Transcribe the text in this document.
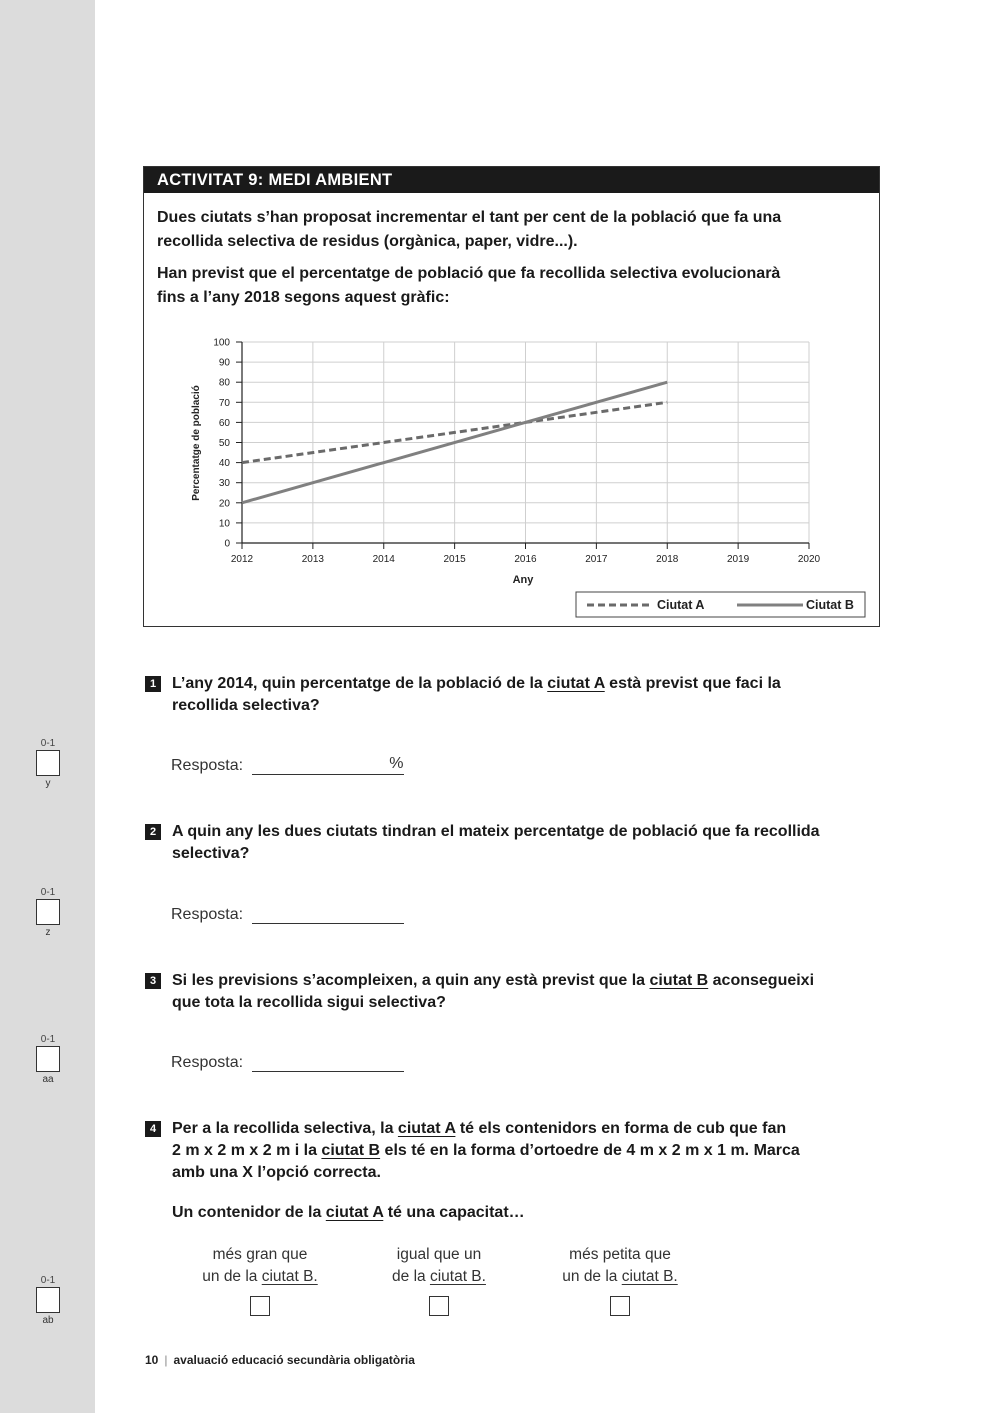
0-1
y
0-1
z
0-1
aa
0-1
ab
ACTIVITAT 9: MEDI AMBIENT

Dues ciutats s’han proposat incrementar el tant per cent de la població que fa una

recollida selectiva de residus (orgànica, paper, vidre...).

Han previst que el percentatge de població que fa recollida selectiva evolucionarà

fins a l’any 2018 segons aquest gràfic:

0
10
20
30
40
50
60
70
80
90
100
2012	2013	2014	2015	2016	2017	2018	2019	2020
Percentatge de població
Any
Ciutat A	Ciutat B
1 L’any 2014, quin percentatge de la població de la ciutat A està previst que faci la
recollida selectiva?
Resposta:	%
2 A quin any les dues ciutats tindran el mateix percentatge de població que fa recollida
selectiva?
Resposta:
3 Si les previsions s’acompleixen, a quin any està previst que la ciutat B aconsegueixi
que tota la recollida sigui selectiva?
Resposta:
4 Per a la recollida selectiva, la ciutat A té els contenidors en forma de cub que fan
2 m x 2 m x 2 m i la ciutat B els té en la forma d’ortoedre de 4 m x 2 m x 1 m. Marca
amb una X l’opció correcta.
Un contenidor de la ciutat A té una capacitat…
més gran que
un de la ciutat B.
igual que un
de la ciutat B.
més petita que
un de la ciutat B.
10 | avaluació educació secundària obligatòria
